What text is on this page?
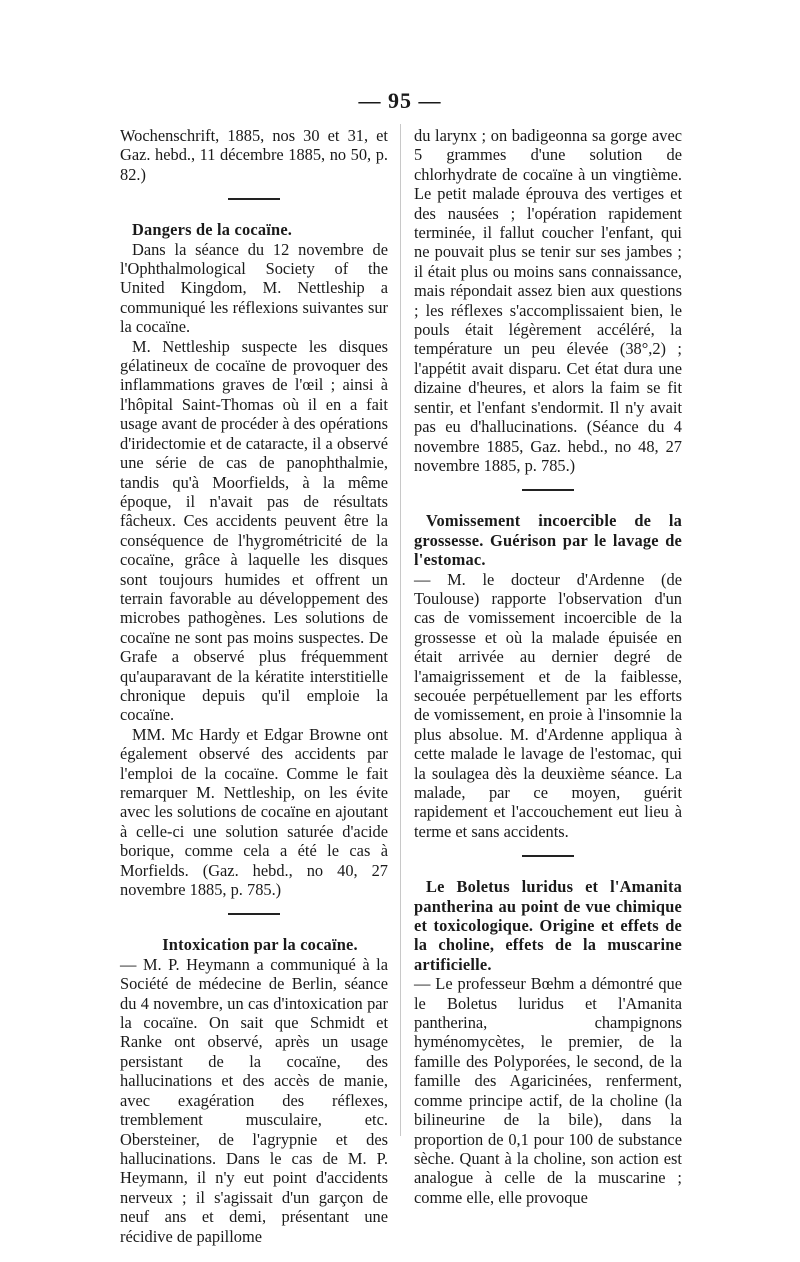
— 95 —

Wochenschrift, 1885, nos 30 et 31, et Gaz. hebd., 11 décembre 1885, no 50, p. 82.)

Dangers de la cocaïne.

Dans la séance du 12 novembre de l'Ophthalmological Society of the United Kingdom, M. Nettleship a communiqué les réflexions suivantes sur la cocaïne.

M. Nettleship suspecte les disques gélatineux de cocaïne de provoquer des inflammations graves de l'œil ; ainsi à l'hôpital Saint-Thomas où il en a fait usage avant de procéder à des opérations d'iridectomie et de cataracte, il a observé une série de cas de panophthalmie, tandis qu'à Moorfields, à la même époque, il n'avait pas de résultats fâcheux. Ces accidents peuvent être la conséquence de l'hygrométricité de la cocaïne, grâce à laquelle les disques sont toujours humides et offrent un terrain favorable au développement des microbes pathogènes. Les solutions de cocaïne ne sont pas moins suspectes. De Grafe a observé plus fréquemment qu'auparavant de la kératite interstitielle chronique depuis qu'il emploie la cocaïne.

MM. Mc Hardy et Edgar Browne ont également observé des accidents par l'emploi de la cocaïne. Comme le fait remarquer M. Nettleship, on les évite avec les solutions de cocaïne en ajoutant à celle-ci une solution saturée d'acide borique, comme cela a été le cas à Morfields. (Gaz. hebd., no 40, 27 novembre 1885, p. 785.)

Intoxication par la cocaïne.

— M. P. Heymann a communiqué à la Société de médecine de Berlin, séance du 4 novembre, un cas d'intoxication par la cocaïne. On sait que Schmidt et Ranke ont observé, après un usage persistant de la cocaïne, des hallucinations et des accès de manie, avec exagération des réflexes, tremblement musculaire, etc. Obersteiner, de l'agrypnie et des hallucinations. Dans le cas de M. P. Heymann, il n'y eut point d'accidents nerveux ; il s'agissait d'un garçon de neuf ans et demi, présentant une récidive de papillome

du larynx ; on badigeonna sa gorge avec 5 grammes d'une solution de chlorhydrate de cocaïne à un vingtième. Le petit malade éprouva des vertiges et des nausées ; l'opération rapidement terminée, il fallut coucher l'enfant, qui ne pouvait plus se tenir sur ses jambes ; il était plus ou moins sans connaissance, mais répondait assez bien aux questions ; les réflexes s'accomplissaient bien, le pouls était légèrement accéléré, la température un peu élevée (38°,2) ; l'appétit avait disparu. Cet état dura une dizaine d'heures, et alors la faim se fit sentir, et l'enfant s'endormit. Il n'y avait pas eu d'hallucinations. (Séance du 4 novembre 1885, Gaz. hebd., no 48, 27 novembre 1885, p. 785.)

Vomissement incoercible de la grossesse. Guérison par le lavage de l'estomac.

— M. le docteur d'Ardenne (de Toulouse) rapporte l'observation d'un cas de vomissement incoercible de la grossesse et où la malade épuisée en était arrivée au dernier degré de l'amaigrissement et de la faiblesse, secouée perpétuellement par les efforts de vomissement, en proie à l'insomnie la plus absolue. M. d'Ardenne appliqua à cette malade le lavage de l'estomac, qui la soulagea dès la deuxième séance. La malade, par ce moyen, guérit rapidement et l'accouchement eut lieu à terme et sans accidents.

Le Boletus luridus et l'Amanita pantherina au point de vue chimique et toxicologique. Origine et effets de la choline, effets de la muscarine artificielle.

— Le professeur Bœhm a démontré que le Boletus luridus et l'Amanita pantherina, champignons hyménomycètes, le premier, de la famille des Polyporées, le second, de la famille des Agaricinées, renferment, comme principe actif, de la choline (la bilineurine de la bile), dans la proportion de 0,1 pour 100 de substance sèche. Quant à la choline, son action est analogue à celle de la muscarine ; comme elle, elle provoque
